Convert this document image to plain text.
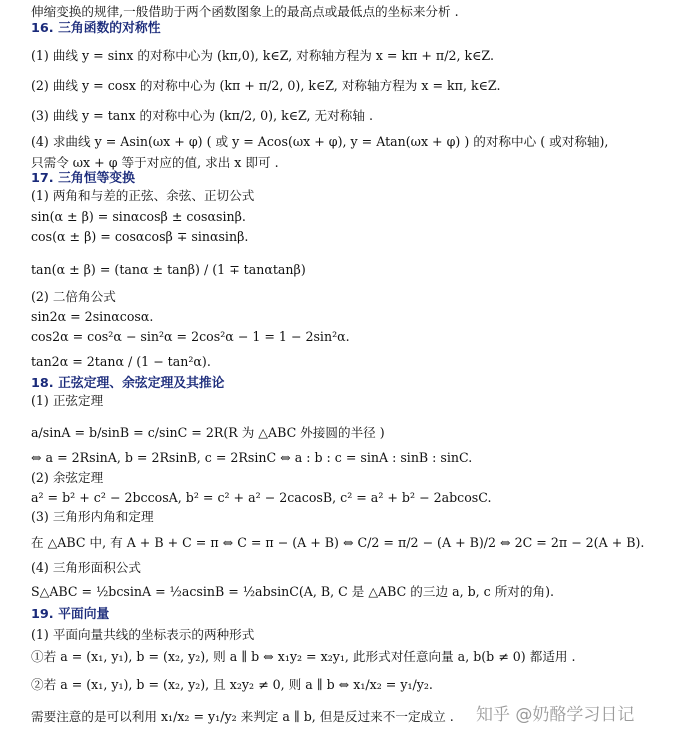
伸缩变换的规律,一般借助于两个函数图象上的最高点或最低点的坐标来分析 .
16. 三角函数的对称性
(1) 曲线 y = sinx 的对称中心为 (kπ,0), k∈Z, 对称轴方程为 x = kπ + π/2, k∈Z.
(2) 曲线 y = cosx 的对称中心为 (kπ + π/2, 0), k∈Z, 对称轴方程为 x = kπ, k∈Z.
(3) 曲线 y = tanx 的对称中心为 (kπ/2, 0), k∈Z, 无对称轴 .
(4) 求曲线 y = Asin(ωx + φ) ( 或 y = Acos(ωx + φ), y = Atan(ωx + φ) ) 的对称中心 ( 或对称轴),
只需令 ωx + φ 等于对应的值, 求出 x 即可 .
17. 三角恒等变换
(1) 两角和与差的正弦、余弦、正切公式
sin(α ± β) = sinαcosβ ± cosαsinβ.
cos(α ± β) = cosαcosβ ∓ sinαsinβ.
tan(α ± β) = (tanα ± tanβ) / (1 ∓ tanαtanβ)
(2) 二倍角公式
sin2α = 2sinαcosα.
cos2α = cos²α − sin²α = 2cos²α − 1 = 1 − 2sin²α.
tan2α = 2tanα / (1 − tan²α).
18. 正弦定理、余弦定理及其推论
(1) 正弦定理
a/sinA = b/sinB = c/sinC = 2R(R 为 △ABC 外接圆的半径 )
⇔ a = 2RsinA, b = 2RsinB, c = 2RsinC ⇔ a : b : c = sinA : sinB : sinC.
(2) 余弦定理
a² = b² + c² − 2bccosA, b² = c² + a² − 2cacosB, c² = a² + b² − 2abcosC.
(3) 三角形内角和定理
在 △ABC 中, 有 A + B + C = π ⇔ C = π − (A + B) ⇔ C/2 = π/2 − (A + B)/2 ⇔ 2C = 2π − 2(A + B).
(4) 三角形面积公式
S△ABC = ½bcsinA = ½acsinB = ½absinC(A, B, C 是 △ABC 的三边 a, b, c 所对的角).
19. 平面向量
(1) 平面向量共线的坐标表示的两种形式
①若 a = (x₁, y₁), b = (x₂, y₂), 则 a ∥ b ⇔ x₁y₂ = x₂y₁, 此形式对任意向量 a, b(b ≠ 0) 都适用 .
②若 a = (x₁, y₁), b = (x₂, y₂), 且 x₂y₂ ≠ 0, 则 a ∥ b ⇔ x₁/x₂ = y₁/y₂.
需要注意的是可以利用 x₁/x₂ = y₁/y₂ 来判定 a ∥ b, 但是反过来不一定成立 . 知乎 @奶酪学习日记
